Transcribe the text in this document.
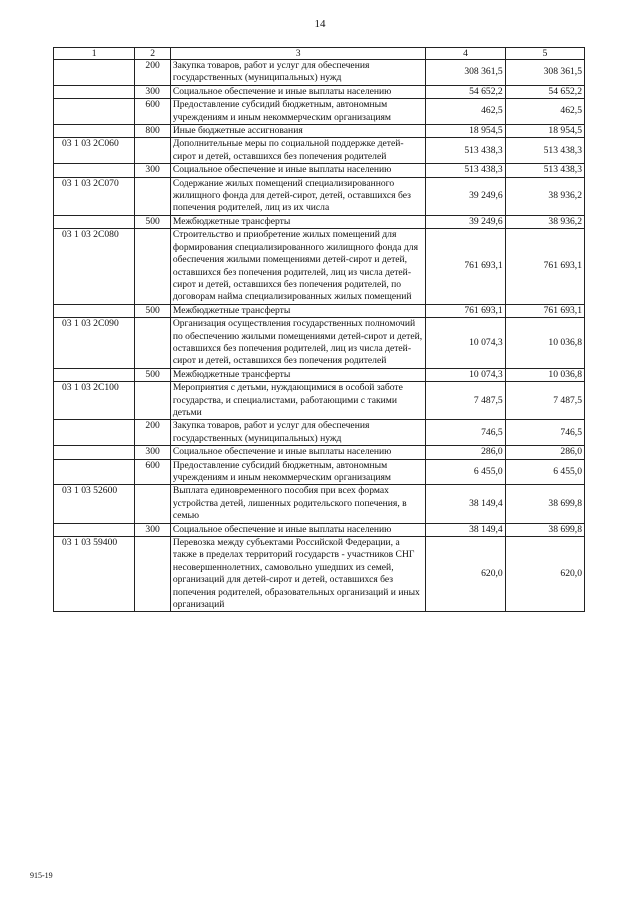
14
1	2	3	4	5
	200	Закупка товаров, работ и услуг для обеспечения государственных (муниципальных) нужд	308 361,5	308 361,5
	300	Социальное обеспечение и иные выплаты населению	54 652,2	54 652,2
	600	Предоставление субсидий бюджетным, автономным учреждениям и иным некоммерческим организациям	462,5	462,5
	800	Иные бюджетные ассигнования	18 954,5	18 954,5
03 1 03 2С060		Дополнительные меры по социальной поддержке детей-сирот и детей, оставшихся без попечения родителей	513 438,3	513 438,3
	300	Социальное обеспечение и иные выплаты населению	513 438,3	513 438,3
03 1 03 2С070		Содержание жилых помещений специализированного жилищного фонда для детей-сирот, детей, оставшихся без попечения родителей, лиц из их числа	39 249,6	38 936,2
	500	Межбюджетные трансферты	39 249,6	38 936,2
03 1 03 2С080		Строительство и приобретение жилых помещений для формирования специализированного жилищного фонда для обеспечения жилыми помещениями детей-сирот и детей, оставшихся без попечения родителей, лиц из числа детей-сирот и детей, оставшихся без попечения родителей, по договорам найма специализированных жилых помещений	761 693,1	761 693,1
	500	Межбюджетные трансферты	761 693,1	761 693,1
03 1 03 2С090		Организация осуществления государственных полномочий по обеспечению жилыми помещениями детей-сирот и детей, оставшихся без попечения родителей, лиц из числа детей-сирот и детей, оставшихся без попечения родителей	10 074,3	10 036,8
	500	Межбюджетные трансферты	10 074,3	10 036,8
03 1 03 2С100		Мероприятия с детьми, нуждающимися в особой заботе государства, и специалистами, работающими с такими детьми	7 487,5	7 487,5
	200	Закупка товаров, работ и услуг для обеспечения государственных (муниципальных) нужд	746,5	746,5
	300	Социальное обеспечение и иные выплаты населению	286,0	286,0
	600	Предоставление субсидий бюджетным, автономным учреждениям и иным некоммерческим организациям	6 455,0	6 455,0
03 1 03 52600		Выплата единовременного пособия при всех формах устройства детей, лишенных родительского попечения, в семью	38 149,4	38 699,8
	300	Социальное обеспечение и иные выплаты населению	38 149,4	38 699,8
03 1 03 59400		Перевозка между субъектами Российской Федерации, а также в пределах территорий государств - участников СНГ несовершеннолетних, самовольно ушедших из семей, организаций для детей-сирот и детей, оставшихся без попечения родителей, образовательных организаций и иных организаций	620,0	620,0
915-19
